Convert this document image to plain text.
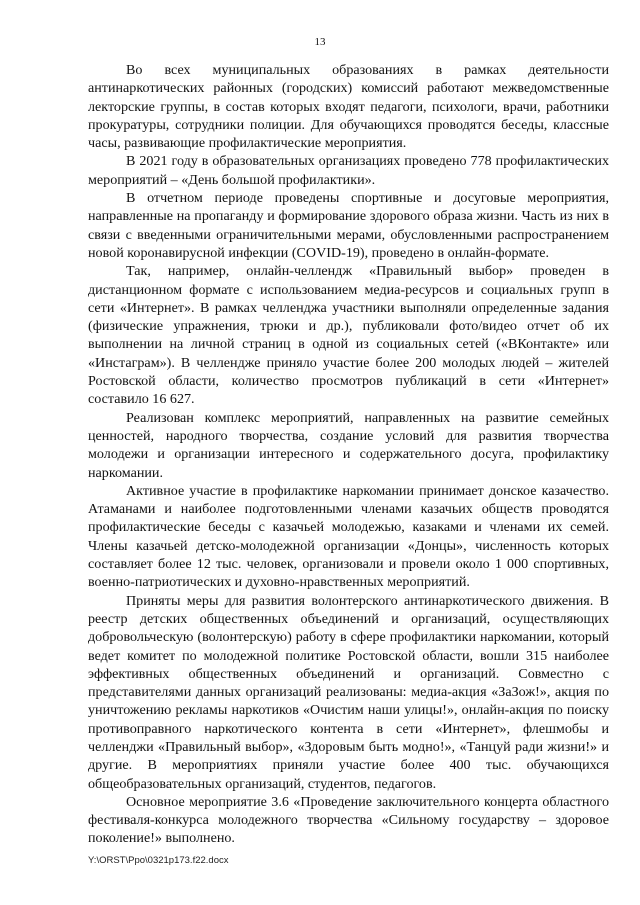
13

Во всех муниципальных образованиях в рамках деятельности антинаркотических районных (городских) комиссий работают межведомственные лекторские группы, в состав которых входят педагоги, психологи, врачи, работники прокуратуры, сотрудники полиции. Для обучающихся проводятся беседы, классные часы, развивающие профилактические мероприятия.

В 2021 году в образовательных организациях проведено 778 профилактических мероприятий – «День большой профилактики».

В отчетном периоде проведены спортивные и досуговые мероприятия, направленные на пропаганду и формирование здорового образа жизни. Часть из них в связи с введенными ограничительными мерами, обусловленными распространением новой коронавирусной инфекции (COVID-19), проведено в онлайн-формате.

Так, например, онлайн-челлендж «Правильный выбор» проведен в дистанционном формате с использованием медиа-ресурсов и социальных групп в сети «Интернет». В рамках челленджа участники выполняли определенные задания (физические упражнения, трюки и др.), публиковали фото/видео отчет об их выполнении на личной страниц в одной из социальных сетей («ВКонтакте» или «Инстаграм»). В челлендже приняло участие более 200 молодых людей – жителей Ростовской области, количество просмотров публикаций в сети «Интернет» составило 16 627.

Реализован комплекс мероприятий, направленных на развитие семейных ценностей, народного творчества, создание условий для развития творчества молодежи и организации интересного и содержательного досуга, профилактику наркомании.

Активное участие в профилактике наркомании принимает донское казачество. Атаманами и наиболее подготовленными членами казачьих обществ проводятся профилактические беседы с казачьей молодежью, казаками и членами их семей. Члены казачьей детско-молодежной организации «Донцы», численность которых составляет более 12 тыс. человек, организовали и провели около 1 000 спортивных, военно-патриотических и духовно-нравственных мероприятий.

Приняты меры для развития волонтерского антинаркотического движения. В реестр детских общественных объединений и организаций, осуществляющих добровольческую (волонтерскую) работу в сфере профилактики наркомании, который ведет комитет по молодежной политике Ростовской области, вошли 315 наиболее эффективных общественных объединений и организаций. Совместно с представителями данных организаций реализованы: медиа-акция «ЗаЗож!», акция по уничтожению рекламы наркотиков «Очистим наши улицы!», онлайн-акция по поиску противоправного наркотического контента в сети «Интернет», флешмобы и челленджи «Правильный выбор», «Здоровым быть модно!», «Танцуй ради жизни!» и другие. В мероприятиях приняли участие более 400 тыс. обучающихся общеобразовательных организаций, студентов, педагогов.

Основное мероприятие 3.6 «Проведение заключительного концерта областного фестиваля-конкурса молодежного творчества «Сильному государству – здоровое поколение!» выполнено.

Y:\ORST\Ppo\0321p173.f22.docx
